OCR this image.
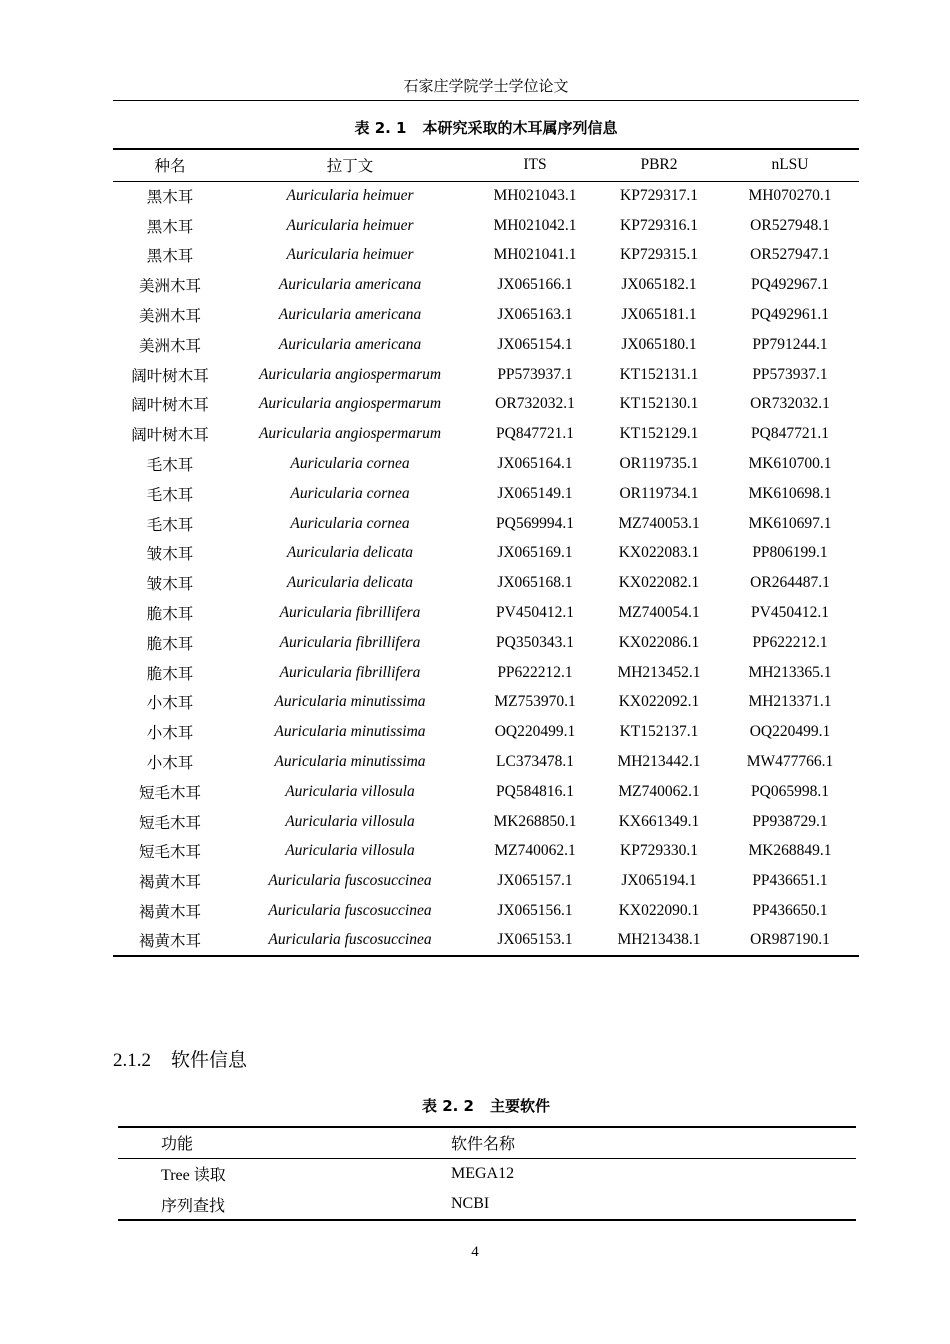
石家庄学院学士学位论文
表 2. 1 本研究采取的木耳属序列信息
种名	拉丁文	ITS	PBR2	nLSU
黑木耳	Auricularia heimuer	MH021043.1	KP729317.1	MH070270.1
黑木耳	Auricularia heimuer	MH021042.1	KP729316.1	OR527948.1
黑木耳	Auricularia heimuer	MH021041.1	KP729315.1	OR527947.1
美洲木耳	Auricularia americana	JX065166.1	JX065182.1	PQ492967.1
美洲木耳	Auricularia americana	JX065163.1	JX065181.1	PQ492961.1
美洲木耳	Auricularia americana	JX065154.1	JX065180.1	PP791244.1
阔叶树木耳	Auricularia angiospermarum	PP573937.1	KT152131.1	PP573937.1
阔叶树木耳	Auricularia angiospermarum	OR732032.1	KT152130.1	OR732032.1
阔叶树木耳	Auricularia angiospermarum	PQ847721.1	KT152129.1	PQ847721.1
毛木耳	Auricularia cornea	JX065164.1	OR119735.1	MK610700.1
毛木耳	Auricularia cornea	JX065149.1	OR119734.1	MK610698.1
毛木耳	Auricularia cornea	PQ569994.1	MZ740053.1	MK610697.1
皱木耳	Auricularia delicata	JX065169.1	KX022083.1	PP806199.1
皱木耳	Auricularia delicata	JX065168.1	KX022082.1	OR264487.1
脆木耳	Auricularia fibrillifera	PV450412.1	MZ740054.1	PV450412.1
脆木耳	Auricularia fibrillifera	PQ350343.1	KX022086.1	PP622212.1
脆木耳	Auricularia fibrillifera	PP622212.1	MH213452.1	MH213365.1
小木耳	Auricularia minutissima	MZ753970.1	KX022092.1	MH213371.1
小木耳	Auricularia minutissima	OQ220499.1	KT152137.1	OQ220499.1
小木耳	Auricularia minutissima	LC373478.1	MH213442.1	MW477766.1
短毛木耳	Auricularia villosula	PQ584816.1	MZ740062.1	PQ065998.1
短毛木耳	Auricularia villosula	MK268850.1	KX661349.1	PP938729.1
短毛木耳	Auricularia villosula	MZ740062.1	KP729330.1	MK268849.1
褐黄木耳	Auricularia fuscosuccinea	JX065157.1	JX065194.1	PP436651.1
褐黄木耳	Auricularia fuscosuccinea	JX065156.1	KX022090.1	PP436650.1
褐黄木耳	Auricularia fuscosuccinea	JX065153.1	MH213438.1	OR987190.1
2.1.2 软件信息
表 2. 2 主要软件
功能	软件名称
Tree 读取	MEGA12
序列查找	NCBI
4
